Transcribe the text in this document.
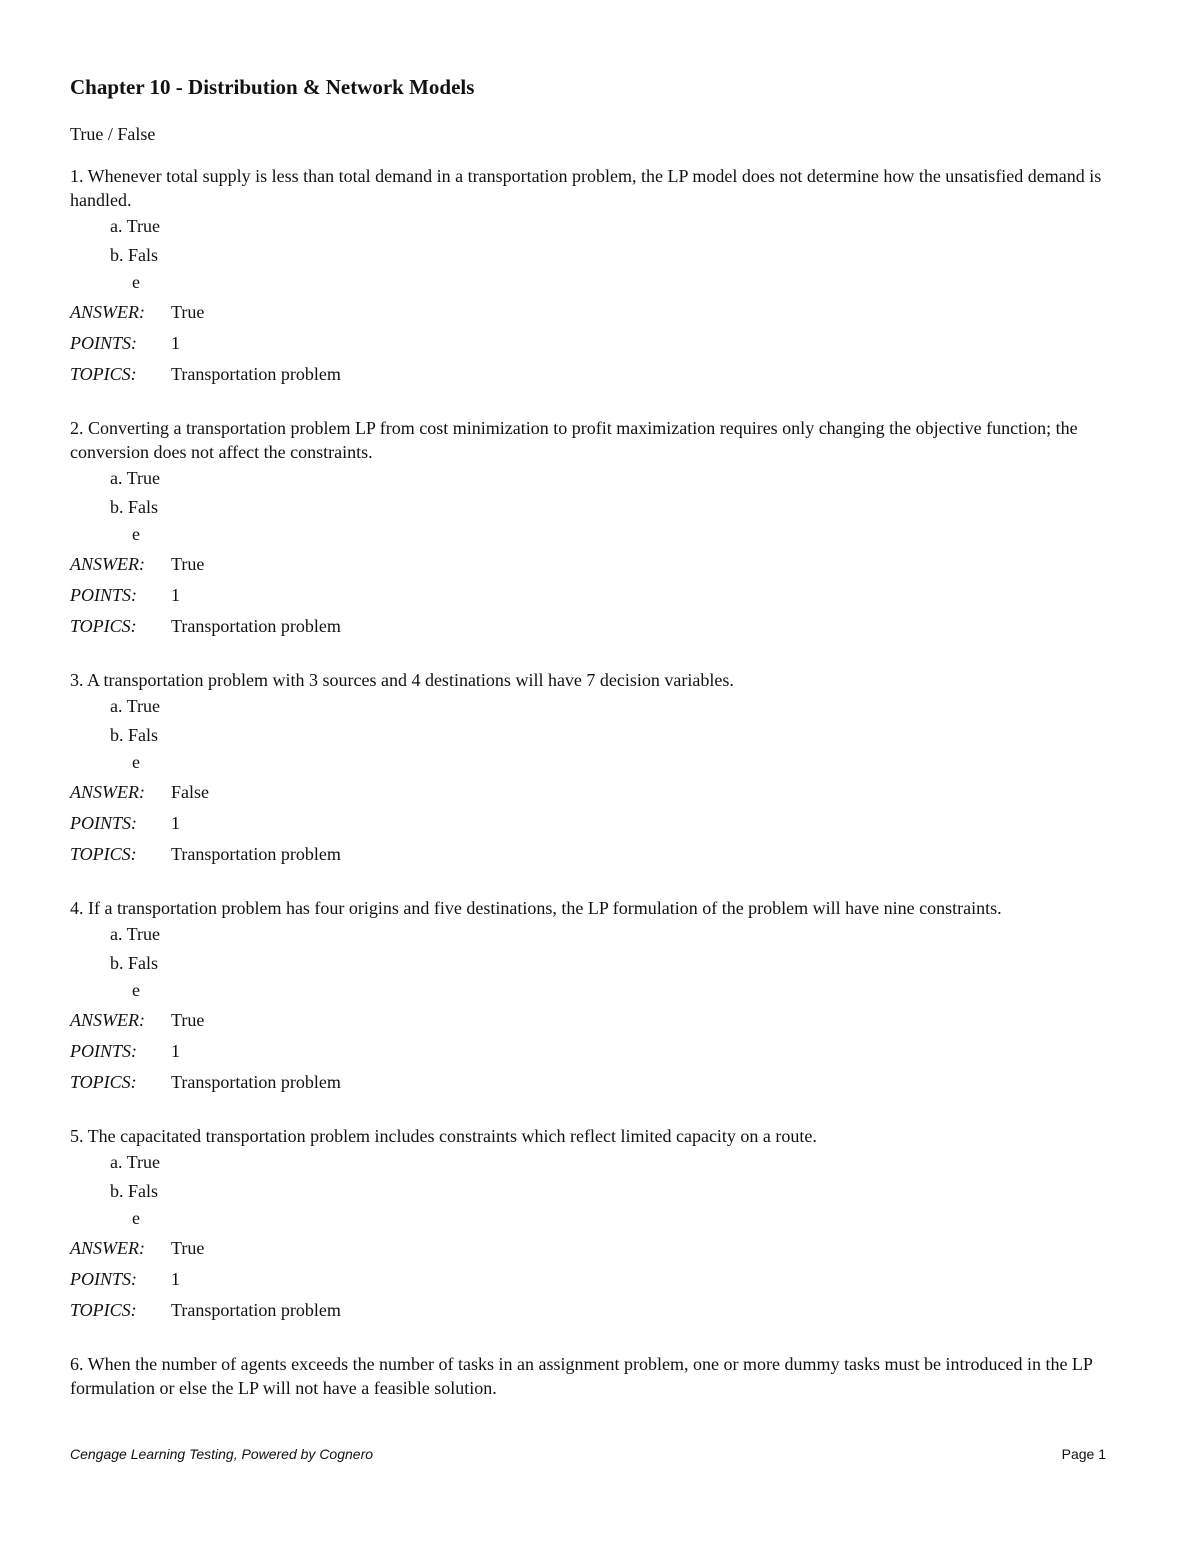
Chapter 10 - Distribution & Network Models
True / False
1. Whenever total supply is less than total demand in a transportation problem, the LP model does not determine how the unsatisfied demand is handled.
a. True
b. Fals
e
ANSWER:	True
POINTS:	1
TOPICS:	Transportation problem
2. Converting a transportation problem LP from cost minimization to profit maximization requires only changing the objective function; the conversion does not affect the constraints.
a. True
b. Fals
e
ANSWER:	True
POINTS:	1
TOPICS:	Transportation problem
3. A transportation problem with 3 sources and 4 destinations will have 7 decision variables.
a. True
b. Fals
e
ANSWER:	False
POINTS:	1
TOPICS:	Transportation problem
4. If a transportation problem has four origins and five destinations, the LP formulation of the problem will have nine constraints.
a. True
b. Fals
e
ANSWER:	True
POINTS:	1
TOPICS:	Transportation problem
5. The capacitated transportation problem includes constraints which reflect limited capacity on a route.
a. True
b. Fals
e
ANSWER:	True
POINTS:	1
TOPICS:	Transportation problem
6. When the number of agents exceeds the number of tasks in an assignment problem, one or more dummy tasks must be introduced in the LP formulation or else the LP will not have a feasible solution.
Cengage Learning Testing, Powered by Cognero	Page 1
